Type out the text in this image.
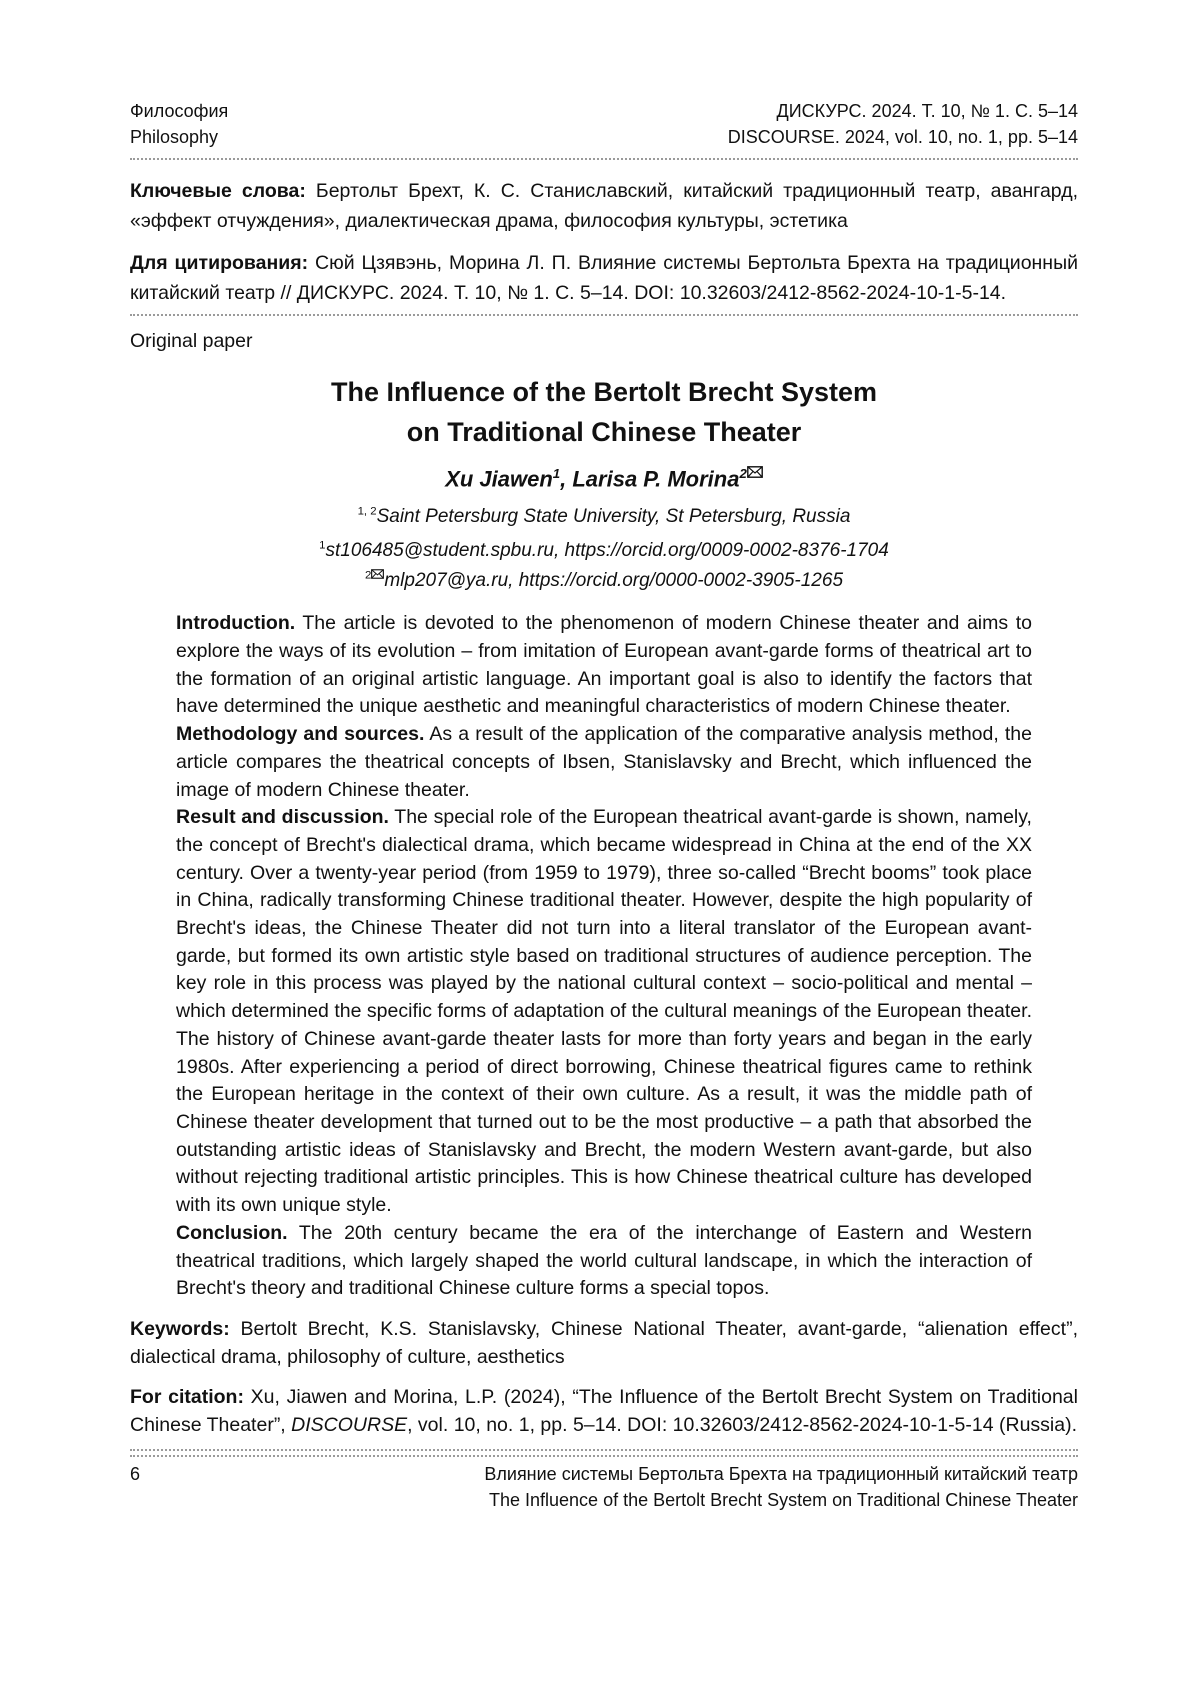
Философия
Philosophy
ДИСКУРС. 2024. Т. 10, № 1. С. 5–14
DISCOURSE. 2024, vol. 10, no. 1, pp. 5–14

Ключевые слова: Бертольт Брехт, К. С. Станиславский, китайский традиционный театр, авангард, «эффект отчуждения», диалектическая драма, философия культуры, эстетика

Для цитирования: Сюй Цзявэнь, Морина Л. П. Влияние системы Бертольта Брехта на традиционный китайский театр // ДИСКУРС. 2024. Т. 10, № 1. С. 5–14. DOI: 10.32603/2412-8562-2024-10-1-5-14.

Original paper

The Influence of the Bertolt Brecht System
on Traditional Chinese Theater
Xu Jiawen$^1$, Larisa P. Morina$^2$
$^{1, 2}$Saint Petersburg State University, St Petersburg, Russia
$^1$st106485@student.spbu.ru, https://orcid.org/0009-0002-8376-1704
$^2$ mlp207@ya.ru, https://orcid.org/0000-0002-3905-1265

Introduction. The article is devoted to the phenomenon of modern Chinese theater and aims to explore the ways of its evolution – from imitation of European avant-garde forms of theatrical art to the formation of an original artistic language. An important goal is also to identify the factors that have determined the unique aesthetic and meaningful characteristics of modern Chinese theater.

Methodology and sources. As a result of the application of the comparative analysis method, the article compares the theatrical concepts of Ibsen, Stanislavsky and Brecht, which influenced the image of modern Chinese theater.

Result and discussion. The special role of the European theatrical avant-garde is shown, namely, the concept of Brecht's dialectical drama, which became widespread in China at the end of the XX century. Over a twenty-year period (from 1959 to 1979), three so-called “Brecht booms” took place in China, radically transforming Chinese traditional theater. However, despite the high popularity of Brecht's ideas, the Chinese Theater did not turn into a literal translator of the European avant-garde, but formed its own artistic style based on traditional structures of audience perception. The key role in this process was played by the national cultural context – socio-political and mental – which determined the specific forms of adaptation of the cultural meanings of the European theater. The history of Chinese avant-garde theater lasts for more than forty years and began in the early 1980s. After experiencing a period of direct borrowing, Chinese theatrical figures came to rethink the European heritage in the context of their own culture. As a result, it was the middle path of Chinese theater development that turned out to be the most productive – a path that absorbed the outstanding artistic ideas of Stanislavsky and Brecht, the modern Western avant-garde, but also without rejecting traditional artistic principles. This is how Chinese theatrical culture has developed with its own unique style.

Conclusion. The 20th century became the era of the interchange of Eastern and Western theatrical traditions, which largely shaped the world cultural landscape, in which the interaction of Brecht's theory and traditional Chinese culture forms a special topos.

Keywords: Bertolt Brecht, K.S. Stanislavsky, Chinese National Theater, avant-garde, “alienation effect”, dialectical drama, philosophy of culture, aesthetics

For citation: Xu, Jiawen and Morina, L.P. (2024), “The Influence of the Bertolt Brecht System on Traditional Chinese Theater”, DISCOURSE, vol. 10, no. 1, pp. 5–14. DOI: 10.32603/2412-8562-2024-10-1-5-14 (Russia).

6	Влияние системы Бертольта Брехта на традиционный китайский театр
The Influence of the Bertolt Brecht System on Traditional Chinese Theater
